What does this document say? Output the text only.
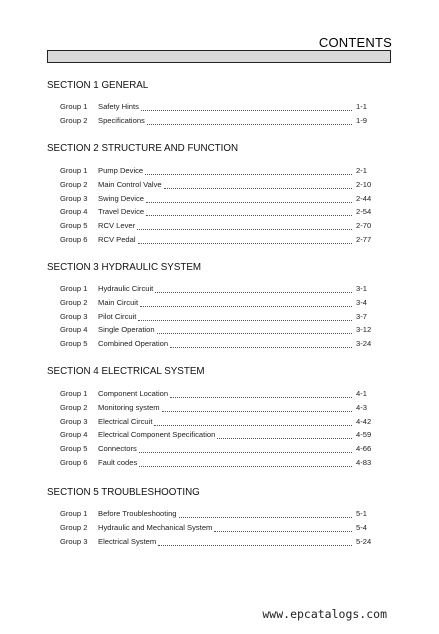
CONTENTS
SECTION 1 GENERAL
Group 1	Safety Hints	1-1
Group 2	Specifications	1-9
SECTION 2 STRUCTURE AND FUNCTION
Group 1	Pump Device	2-1
Group 2	Main Control Valve	2-10
Group 3	Swing Device	2-44
Group 4	Travel Device	2-54
Group 5	RCV Lever	2-70
Group 6	RCV Pedal	2-77
SECTION 3 HYDRAULIC SYSTEM
Group 1	Hydraulic Circuit	3-1
Group 2	Main Circuit	3-4
Group 3	Pilot Circuit	3-7
Group 4	Single Operation	3-12
Group 5	Combined Operation	3-24
SECTION 4 ELECTRICAL SYSTEM
Group 1	Component Location	4-1
Group 2	Monitoring system	4-3
Group 3	Electrical Circuit	4-42
Group 4	Electrical Component Specification	4-59
Group 5	Connectors	4-66
Group 6	Fault codes	4-83
SECTION 5 TROUBLESHOOTING
Group 1	Before Troubleshooting	5-1
Group 2	Hydraulic and Mechanical System	5-4
Group 3	Electrical System	5-24
www.epcatalogs.com
